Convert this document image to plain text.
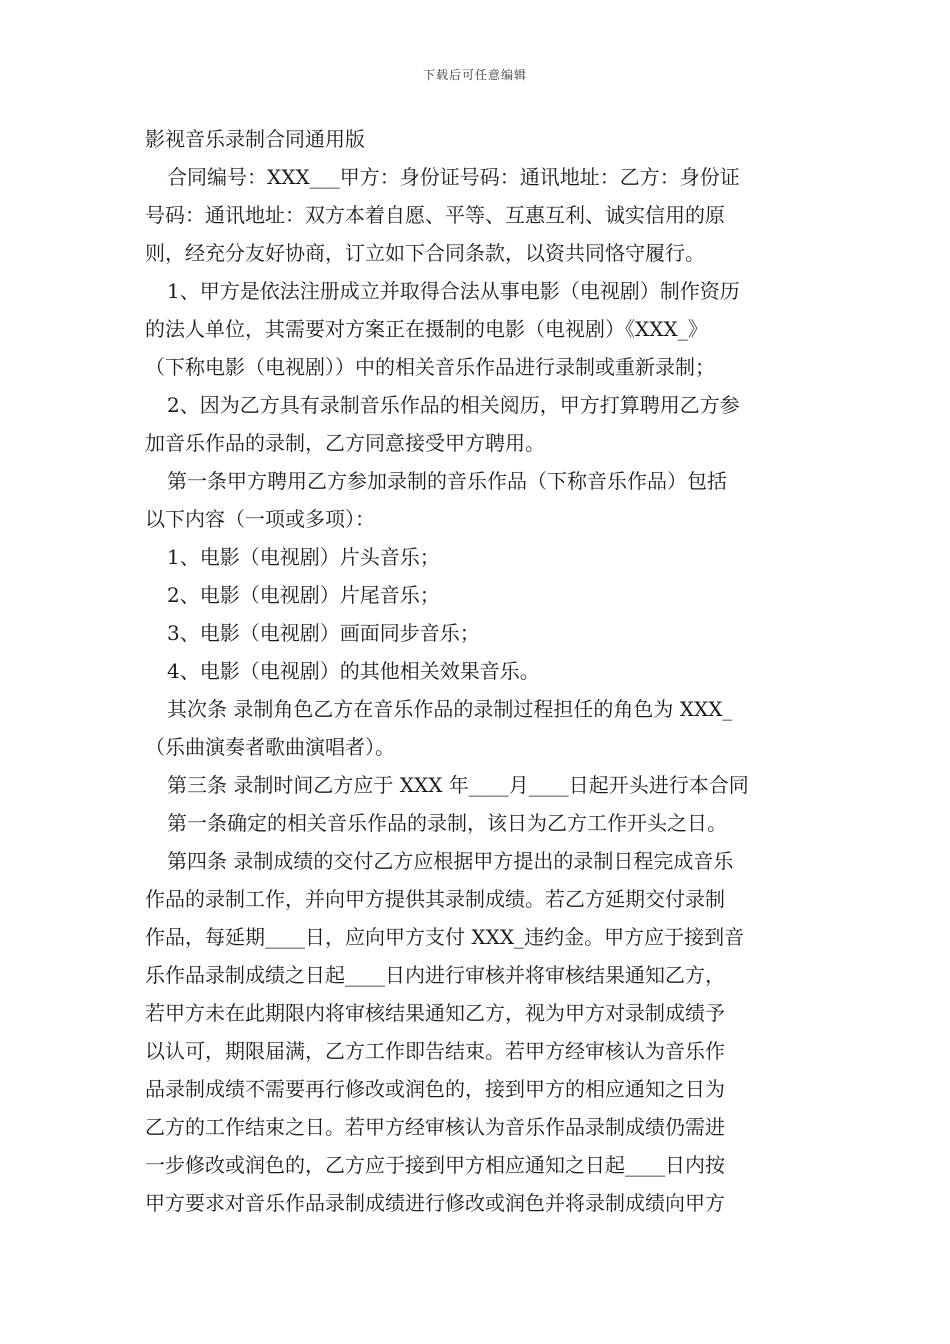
下载后可任意编辑
影视音乐录制合同通用版
合同编号：XXX___甲方：身份证号码：通讯地址：乙方：身份证
号码：通讯地址：双方本着自愿、平等、互惠互利、诚实信用的原
则，经充分友好协商，订立如下合同条款，以资共同恪守履行。
1、甲方是依法注册成立并取得合法从事电影（电视剧）制作资历
的法人单位，其需要对方案正在摄制的电影（电视剧）《XXX_》
（下称电影（电视剧））中的相关音乐作品进行录制或重新录制；
2、因为乙方具有录制音乐作品的相关阅历，甲方打算聘用乙方参
加音乐作品的录制，乙方同意接受甲方聘用。
第一条甲方聘用乙方参加录制的音乐作品（下称音乐作品）包括
以下内容（一项或多项）：
1、电影（电视剧）片头音乐；
2、电影（电视剧）片尾音乐；
3、电影（电视剧）画面同步音乐；
4、电影（电视剧）的其他相关效果音乐。
其次条 录制角色乙方在音乐作品的录制过程担任的角色为 XXX_
（乐曲演奏者歌曲演唱者）。
第三条 录制时间乙方应于 XXX 年____月____日起开头进行本合同
第一条确定的相关音乐作品的录制，该日为乙方工作开头之日。
第四条 录制成绩的交付乙方应根据甲方提出的录制日程完成音乐
作品的录制工作，并向甲方提供其录制成绩。若乙方延期交付录制
作品，每延期____日，应向甲方支付 XXX_违约金。甲方应于接到音
乐作品录制成绩之日起____日内进行审核并将审核结果通知乙方，
若甲方未在此期限内将审核结果通知乙方，视为甲方对录制成绩予
以认可，期限届满，乙方工作即告结束。若甲方经审核认为音乐作
品录制成绩不需要再行修改或润色的，接到甲方的相应通知之日为
乙方的工作结束之日。若甲方经审核认为音乐作品录制成绩仍需进
一步修改或润色的，乙方应于接到甲方相应通知之日起____日内按
甲方要求对音乐作品录制成绩进行修改或润色并将录制成绩向甲方
